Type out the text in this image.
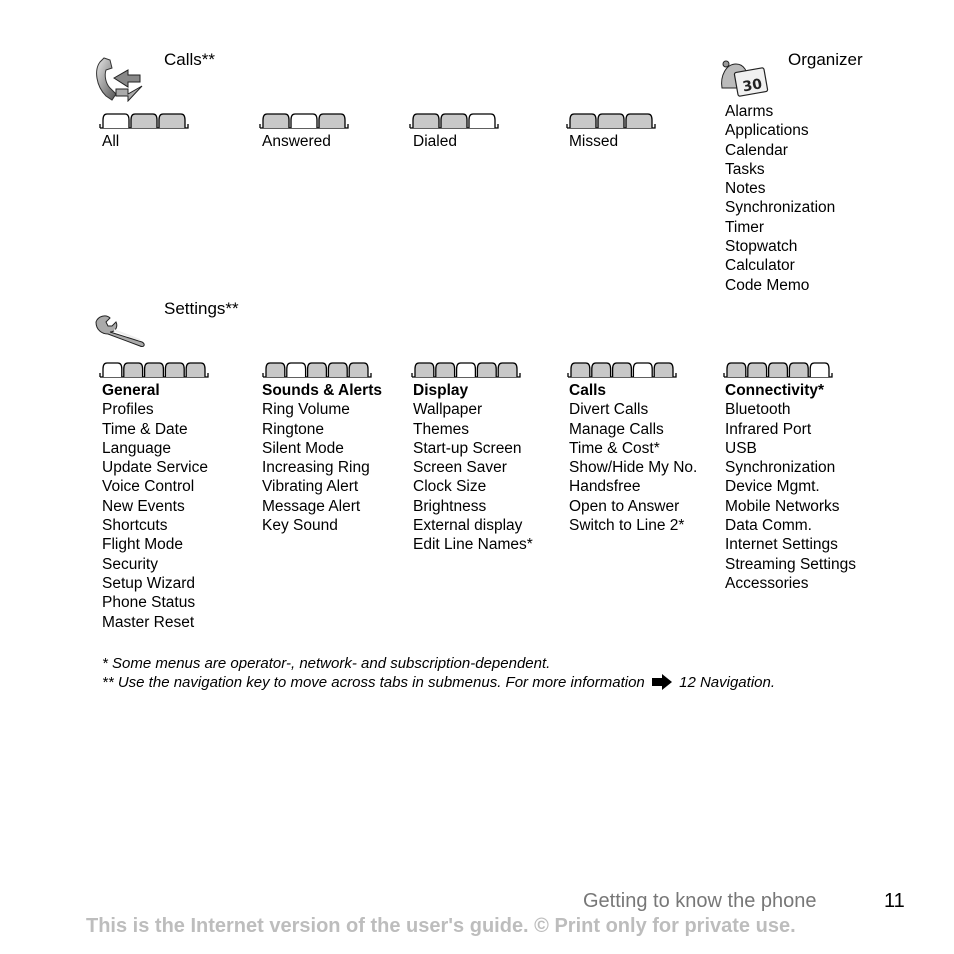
Calls**
30
Organizer
Settings**
All	Answered	Dialed	Missed
Alarms
Applications
Calendar
Tasks
Notes
Synchronization
Timer
Stopwatch
Calculator
Code Memo
General
Profiles
Time & Date
Language
Update Service
Voice Control
New Events
Shortcuts
Flight Mode
Security
Setup Wizard
Phone Status
Master Reset
Sounds & Alerts
Ring Volume
Ringtone
Silent Mode
Increasing Ring
Vibrating Alert
Message Alert
Key Sound
Display
Wallpaper
Themes
Start-up Screen
Screen Saver
Clock Size
Brightness
External display
Edit Line Names*
Calls
Divert Calls
Manage Calls
Time & Cost*
Show/Hide My No.
Handsfree
Open to Answer
Switch to Line 2*
Connectivity*
Bluetooth
Infrared Port
USB
Synchronization
Device Mgmt.
Mobile Networks
Data Comm.
Internet Settings
Streaming Settings
Accessories
* Some menus are operator-, network- and subscription-dependent.
** Use the navigation key to move across tabs in submenus. For more information 12 Navigation.
Getting to know the phone	11
This is the Internet version of the user's guide. © Print only for private use.
